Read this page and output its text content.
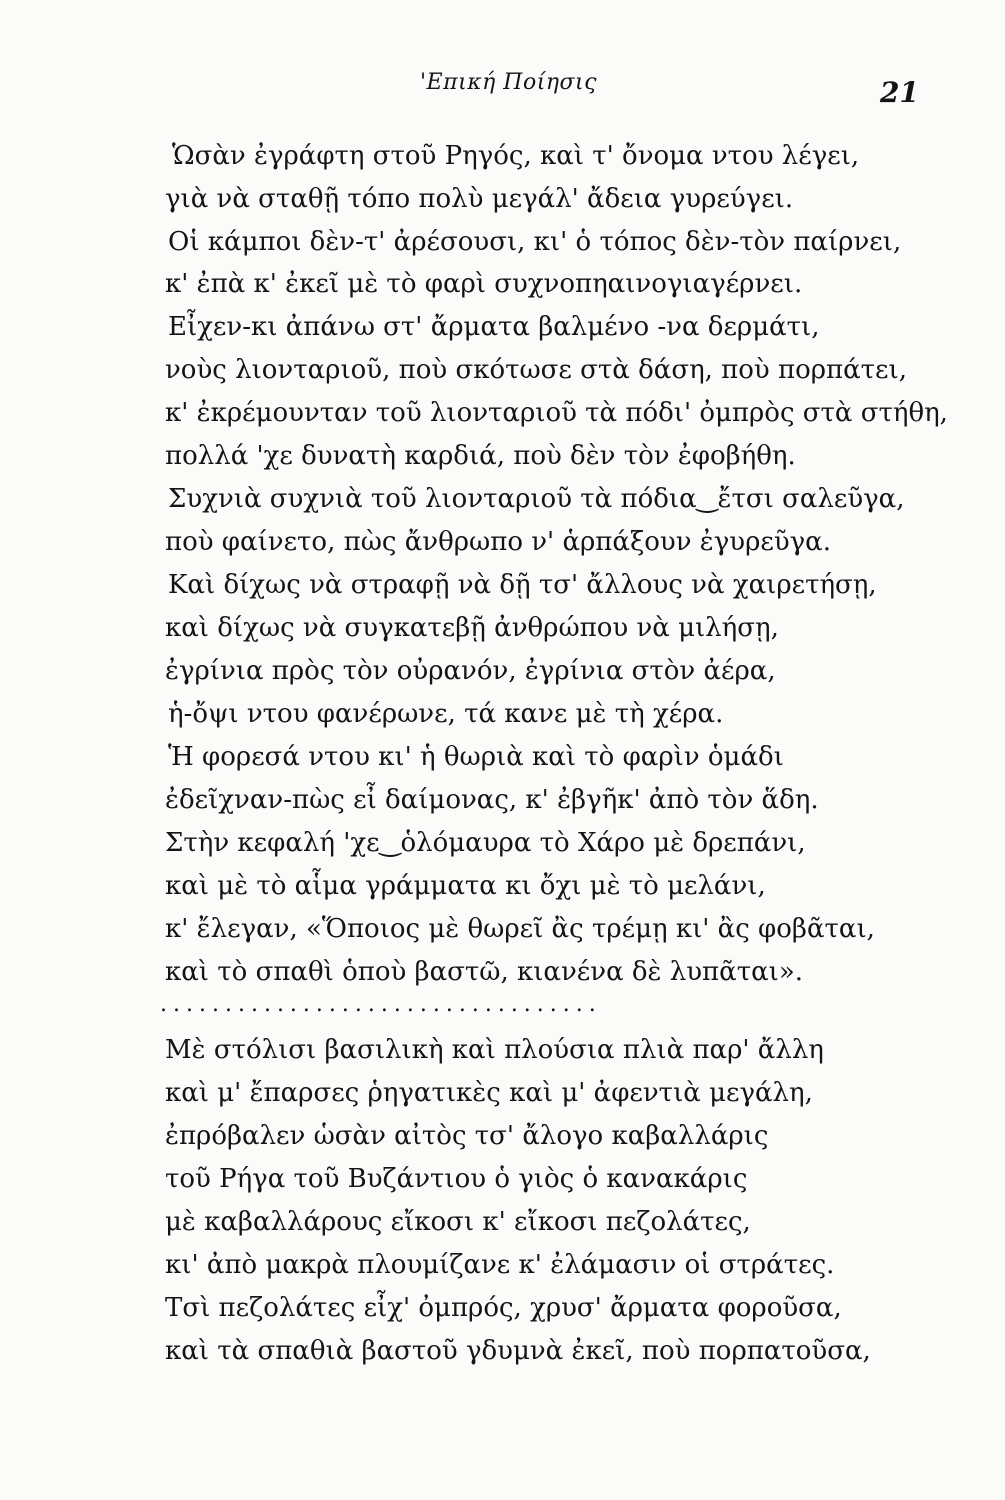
'Επική Ποίησις	21
Ὡσὰν ἐγράφτη στοῦ Ρηγός, καὶ τ' ὄνομα ντου λέγει,
γιὰ νὰ σταθῇ τόπο πολὺ μεγάλ' ἄδεια γυρεύγει.
Οἱ κάμποι δὲν-τ' ἀρέσουσι, κι' ὁ τόπος δὲν-τὸν παίρνει,
κ' ἐπὰ κ' ἐκεῖ μὲ τὸ φαρὶ συχνοπηαινογιαγέρνει.
Εἶχεν-κι ἀπάνω στ' ἄρματα βαλμένο -να δερμάτι,
νοὺς λιονταριοῦ, ποὺ σκότωσε στὰ δάση, ποὺ πορπάτει,
κ' ἐκρέμουνταν τοῦ λιονταριοῦ τὰ πόδι' ὀμπρὸς στὰ στήθη,
πολλά 'χε δυνατὴ καρδιά, ποὺ δὲν τὸν ἐφοβήθη.
Συχνιὰ συχνιὰ τοῦ λιονταριοῦ τὰ πόδια‿ἔτσι σαλεῦγα,
ποὺ φαίνετο, πὼς ἄνθρωπο ν' ἁρπάξουν ἐγυρεῦγα.
Καὶ δίχως νὰ στραφῇ νὰ δῇ τσ' ἄλλους νὰ χαιρετήσῃ,
καὶ δίχως νὰ συγκατεβῇ ἀνθρώπου νὰ μιλήσῃ,
ἐγρίνια πρὸς τὸν οὐρανόν, ἐγρίνια στὸν ἀέρα,
ἡ-ὄψι ντου φανέρωνε, τά κανε μὲ τὴ χέρα.
Ἡ φορεσά ντου κι' ἡ θωριὰ καὶ τὸ φαρὶν ὁμάδι
ἐδεῖχναν-πὼς εἶ δαίμονας, κ' ἐβγῆκ' ἀπὸ τὸν ἅδη.
Στὴν κεφαλή 'χε‿ὁλόμαυρα τὸ Χάρο μὲ δρεπάνι,
καὶ μὲ τὸ αἷμα γράμματα κι ὄχι μὲ τὸ μελάνι,
κ' ἔλεγαν, «Ὅποιος μὲ θωρεῖ ἂς τρέμῃ κι' ἂς φοβᾶται,
καὶ τὸ σπαθὶ ὁποὺ βαστῶ, κιανένα δὲ λυπᾶται».
..................................
Μὲ στόλισι βασιλικὴ καὶ πλούσια πλιὰ παρ' ἄλλη
καὶ μ' ἔπαρσες ῥηγατικὲς καὶ μ' ἀφεντιὰ μεγάλη,
ἐπρόβαλεν ὡσὰν αἰτὸς τσ' ἄλογο καβαλλάρις
τοῦ Ρήγα τοῦ Βυζάντιου ὁ γιὸς ὁ κανακάρις
μὲ καβαλλάρους εἴκοσι κ' εἴκοσι πεζολάτες,
κι' ἀπὸ μακρὰ πλουμίζανε κ' ἐλάμασιν οἱ στράτες.
Τσὶ πεζολάτες εἶχ' ὀμπρός, χρυσ' ἄρματα φοροῦσα,
καὶ τὰ σπαθιὰ βαστοῦ γδυμνὰ ἐκεῖ, ποὺ πορπατοῦσα,
